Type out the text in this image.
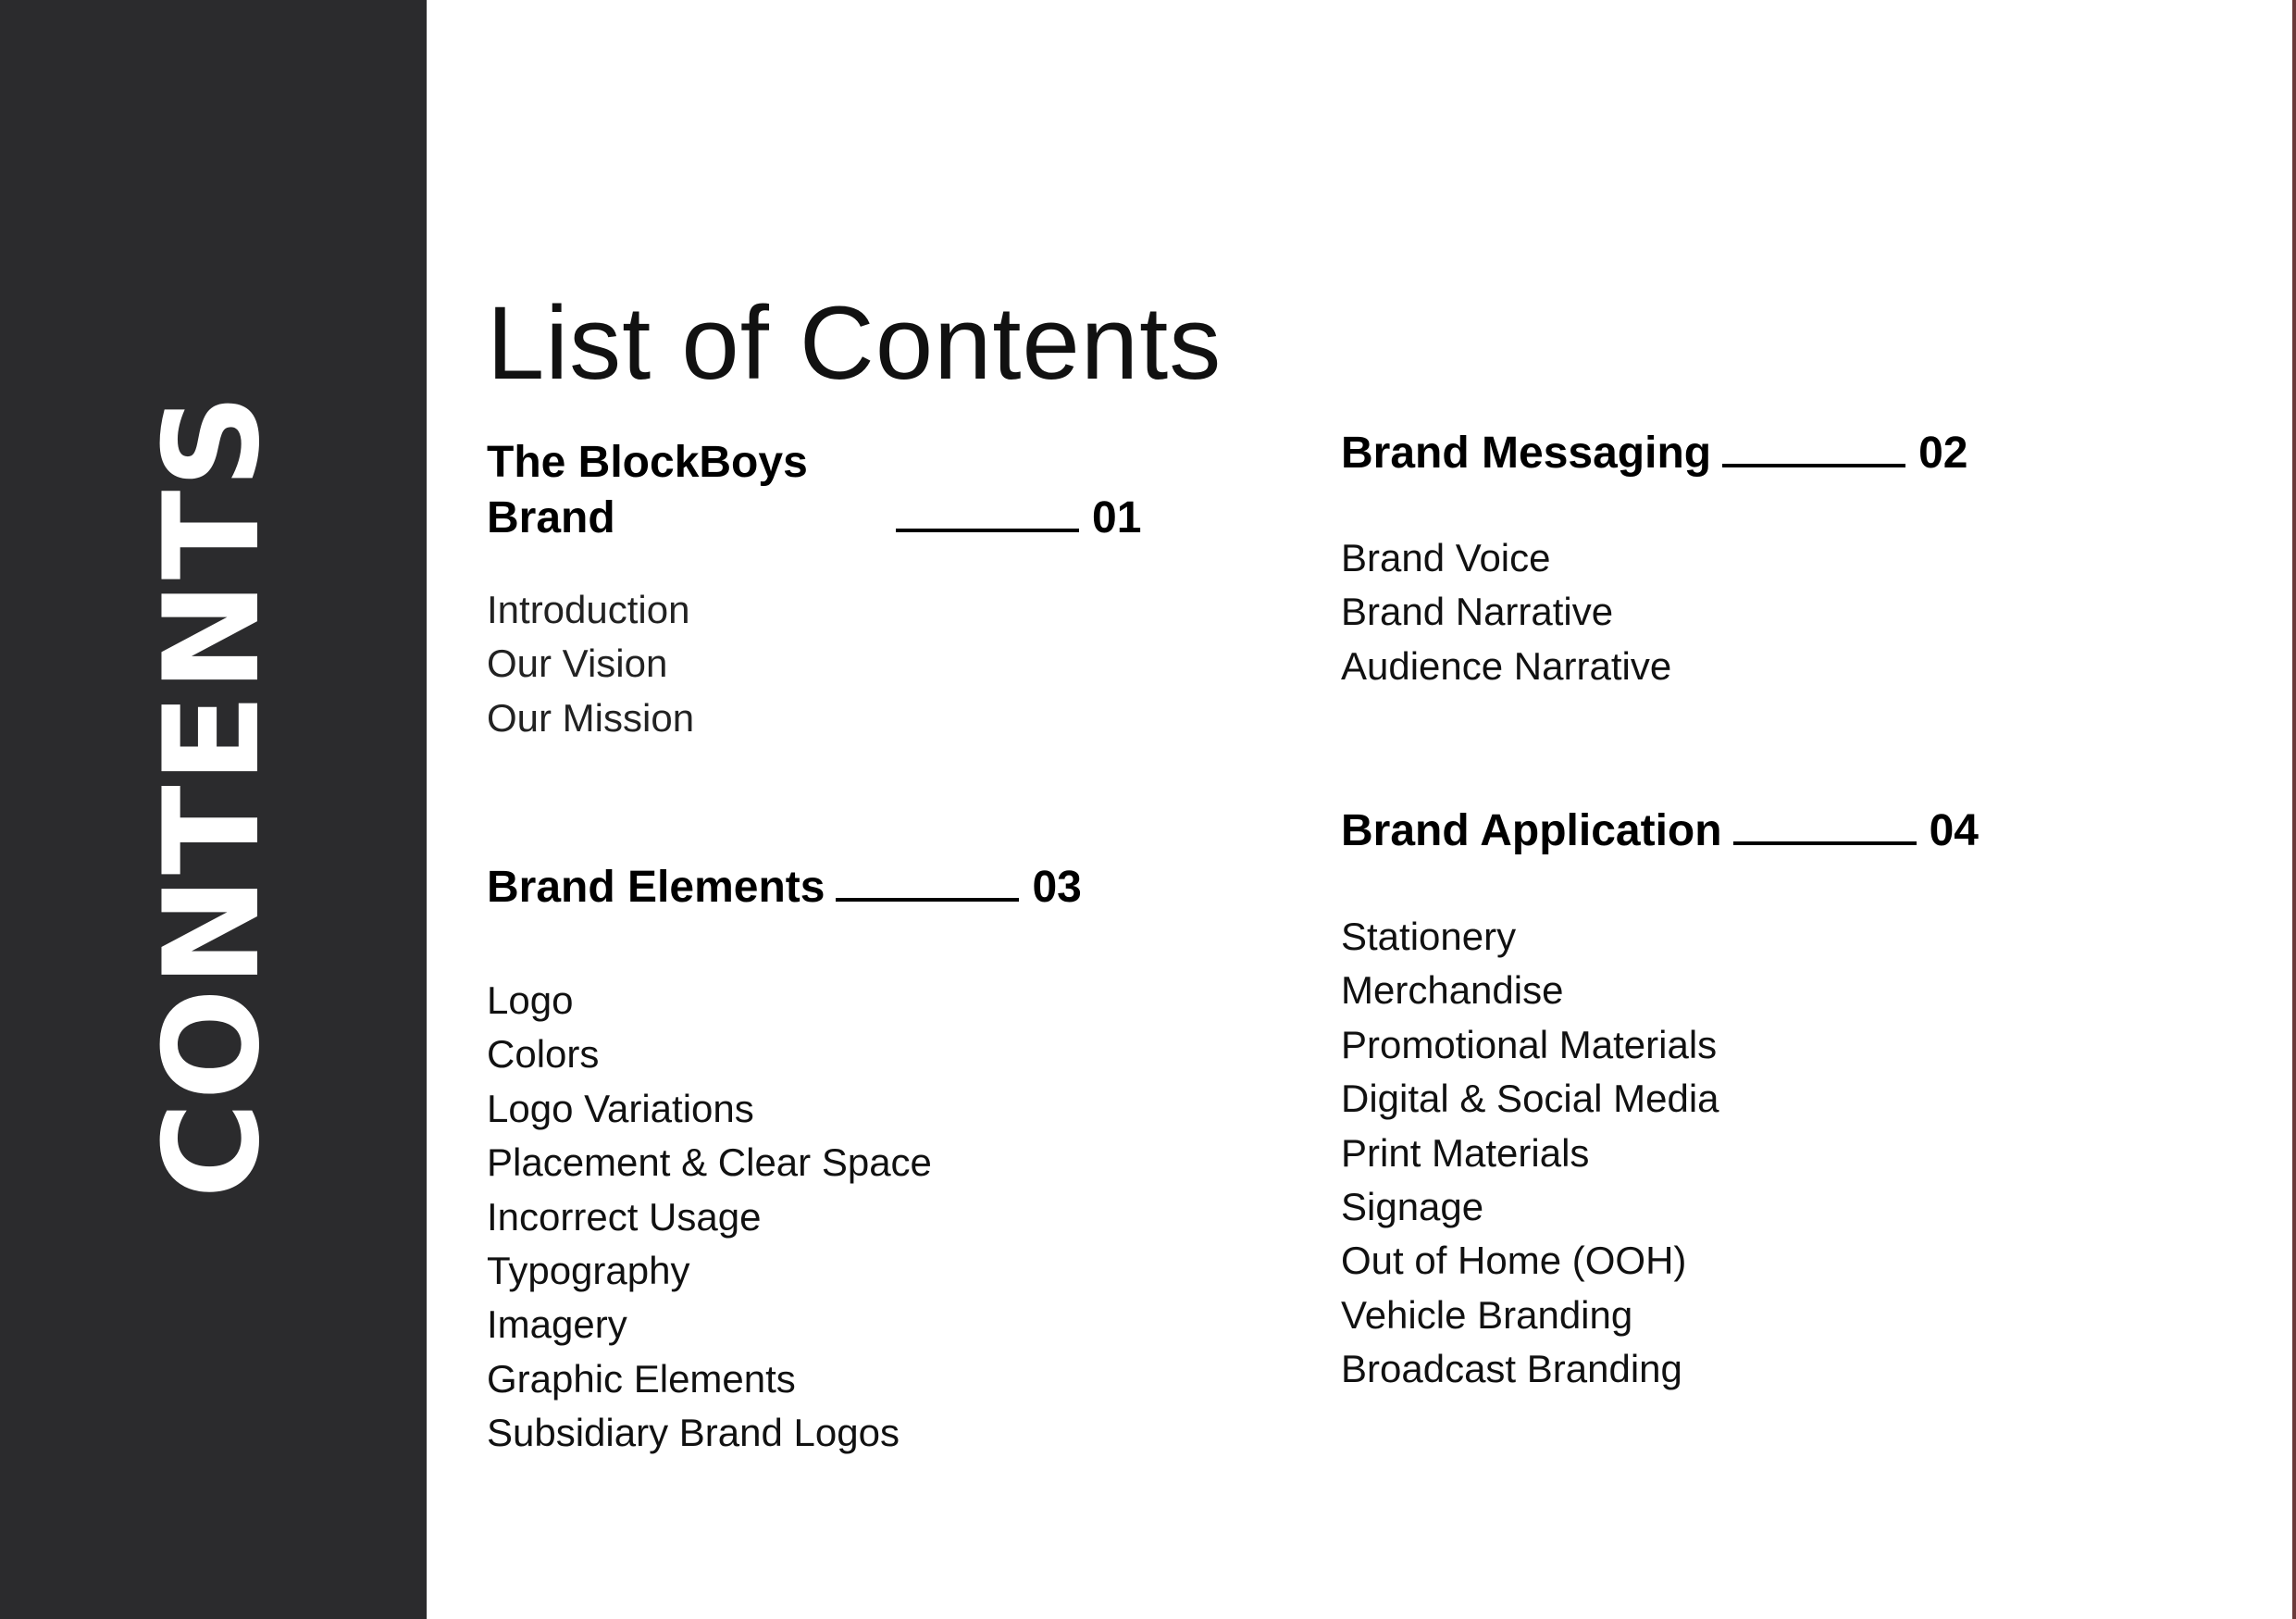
CONTENTS
List of Contents
The BlockBoys
Brand	01
Introduction
Our Vision
Our Mission
Brand Messaging	02
Brand Voice
Brand Narrative
Audience Narrative
Brand Elements	03
Logo
Colors
Logo Variations
Placement & Clear Space
Incorrect Usage
Typography
Imagery
Graphic Elements
Subsidiary Brand Logos
Brand Application	04
Stationery
Merchandise
Promotional Materials
Digital & Social Media
Print Materials
Signage
Out of Home (OOH)
Vehicle Branding
Broadcast Branding
